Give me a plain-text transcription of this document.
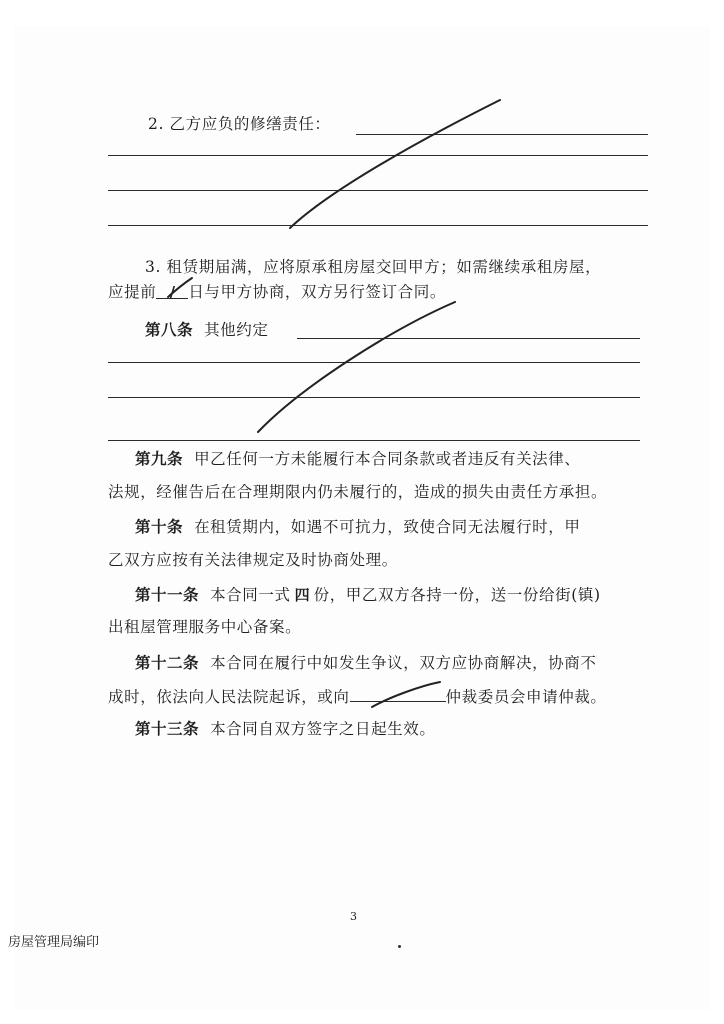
2. 乙方应负的修缮责任：
3. 租赁期届满，应将原承租房屋交回甲方；如需继续承租房屋，
应提前 / 日与甲方协商，双方另行签订合同。
第八条 其他约定
第九条 甲乙任何一方未能履行本合同条款或者违反有关法律、
法规，经催告后在合理期限内仍未履行的，造成的损失由责任方承担。
第十条 在租赁期内，如遇不可抗力，致使合同无法履行时，甲
乙双方应按有关法律规定及时协商处理。
第十一条 本合同一式 四 份，甲乙双方各持一份，送一份给街(镇)
出租屋管理服务中心备案。
第十二条 本合同在履行中如发生争议，双方应协商解决，协商不
成时，依法向人民法院起诉，或向	仲裁委员会申请仲裁。
第十三条 本合同自双方签字之日起生效。
3
房屋管理局编印
